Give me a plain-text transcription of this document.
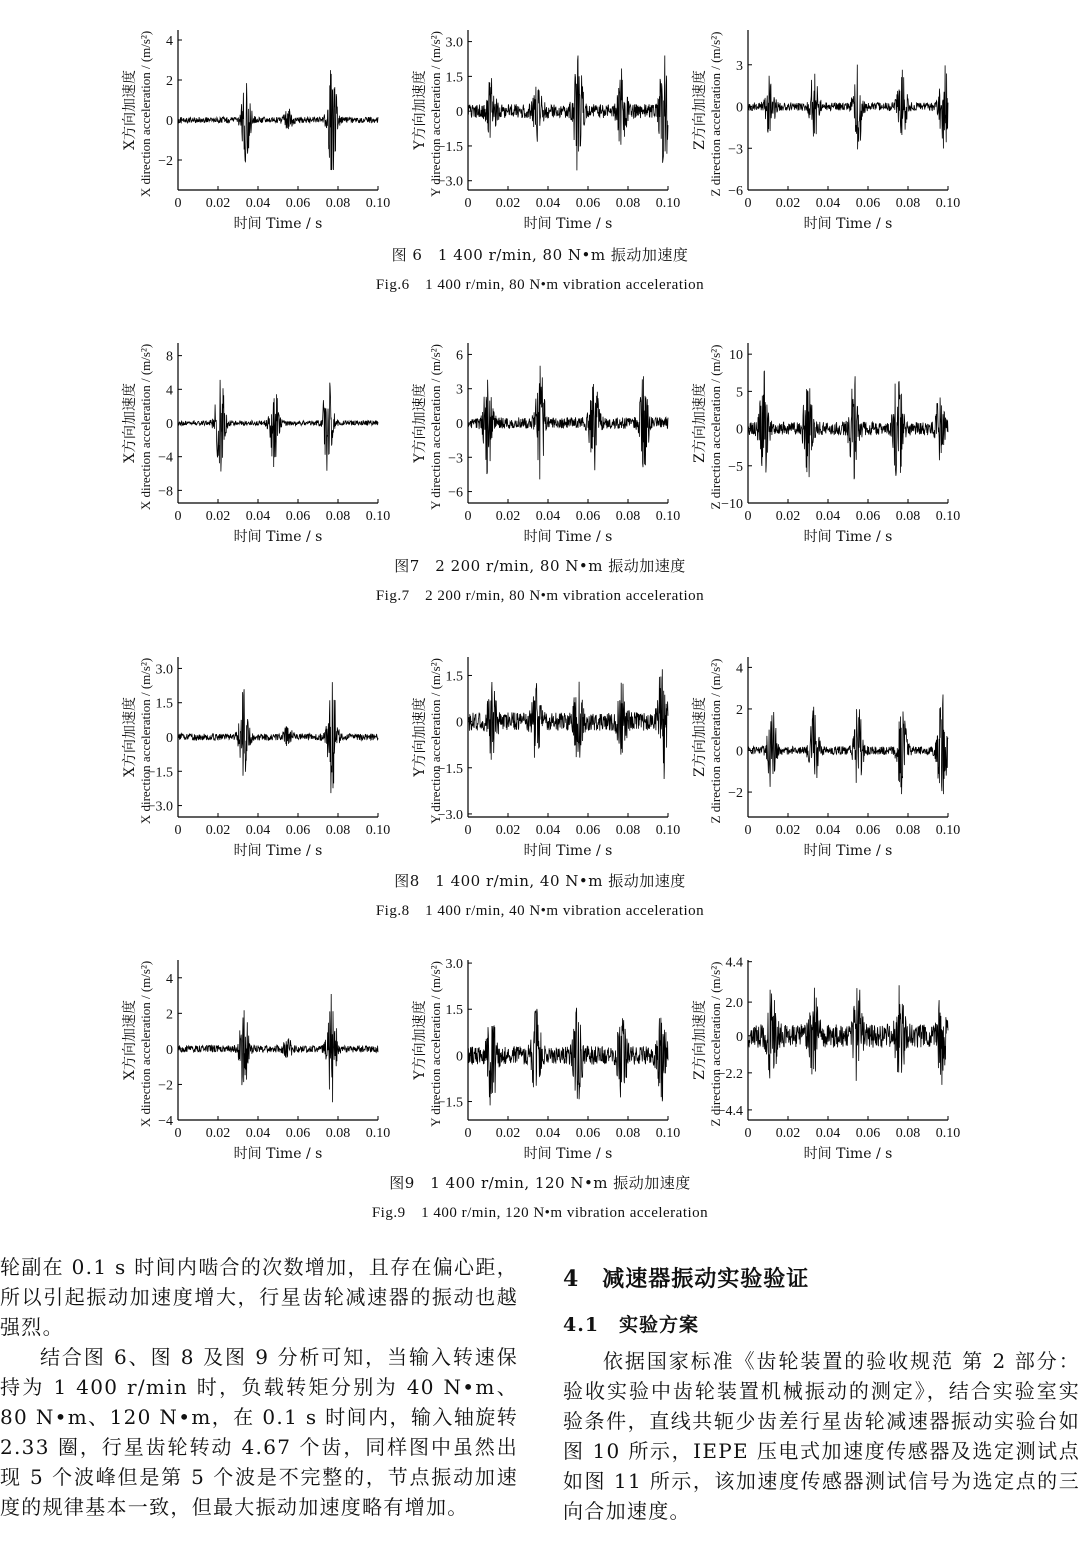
−2
0
2
4
0 0.02 0.04 0.06 0.08 0.10
时间 Time / s
X方向加速度 X direction acceleration / (m/s²)	−3.0
−1.5
0
1.5
3.0
0 0.02 0.04 0.06 0.08 0.10
时间 Time / s
Y方向加速度 Y direction acceleration / (m/s²)	−6
−3
0
3
0 0.02 0.04 0.06 0.08 0.10
时间 Time / s
Z方向加速度 Z direction acceleration / (m/s²)
图 6　1 400 r/min, 80 N•m 振动加速度
Fig.6　1 400 r/min, 80 N•m vibration acceleration
−8
−4
0
4
8
0 0.02 0.04 0.06 0.08 0.10
时间 Time / s
X方向加速度 X direction acceleration / (m/s²)	−6
−3
0
3
6
0 0.02 0.04 0.06 0.08 0.10
时间 Time / s
Y方向加速度 Y direction acceleration / (m/s²)	−10
−5
0
5
10
0 0.02 0.04 0.06 0.08 0.10
时间 Time / s
Z方向加速度 Z direction acceleration / (m/s²)
图7　2 200 r/min, 80 N•m 振动加速度
Fig.7　2 200 r/min, 80 N•m vibration acceleration
−3.0
−1.5
0
1.5
3.0
0 0.02 0.04 0.06 0.08 0.10
时间 Time / s
X方向加速度 X direction acceleration / (m/s²)	−3.0
−1.5
0
1.5
0 0.02 0.04 0.06 0.08 0.10
时间 Time / s
Y方向加速度 Y direction acceleration / (m/s²)	−2
0
2
4
0 0.02 0.04 0.06 0.08 0.10
时间 Time / s
Z方向加速度 Z direction acceleration / (m/s²)
图8　1 400 r/min, 40 N•m 振动加速度
Fig.8　1 400 r/min, 40 N•m vibration acceleration
−4
−2
0
2
4
0 0.02 0.04 0.06 0.08 0.10
时间 Time / s
X方向加速度 X direction acceleration / (m/s²)	−1.5
0
1.5
3.0
0 0.02 0.04 0.06 0.08 0.10
时间 Time / s
Y方向加速度 Y direction acceleration / (m/s²)	−4.4
−2.2
0
2.0
4.4
0 0.02 0.04 0.06 0.08 0.10
时间 Time / s
Z方向加速度 Z direction acceleration / (m/s²)
图9　1 400 r/min, 120 N•m 振动加速度
Fig.9　1 400 r/min, 120 N•m vibration acceleration

轮副在 0.1 s 时间内啮合的次数增加，且存在偏心距，所以引起振动加速度增大，行星齿轮减速器的振动也越强烈。

结合图 6、图 8 及图 9 分析可知，当输入转速保持为 1 400 r/min 时，负载转矩分别为 40 N•m、80 N•m、120 N•m，在 0.1 s 时间内，输入轴旋转 2.33 圈，行星齿轮转动 4.67 个齿，同样图中虽然出现 5 个波峰但是第 5 个波是不完整的，节点振动加速度的规律基本一致，但最大振动加速度略有增加。

4　减速器振动实验验证
4.1　实验方案

依据国家标准《齿轮装置的验收规范 第 2 部分：验收实验中齿轮装置机械振动的测定》，结合实验室实验条件，直线共轭少齿差行星齿轮减速器振动实验台如图 10 所示，IEPE 压电式加速度传感器及选定测试点如图 11 所示，该加速度传感器测试信号为选定点的三向合加速度。
